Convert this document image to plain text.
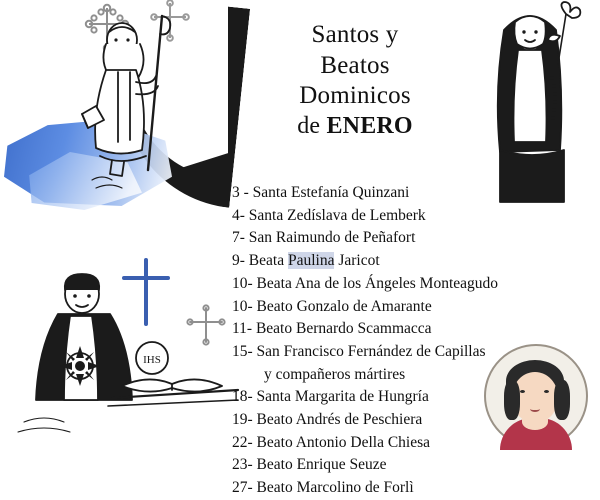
Santos y
Beatos
Dominicos
de ENERO
3 - Santa Estefanía Quinzani
4- Santa Zedíslava de Lemberk
7- San Raimundo de Peñafort
9- Beata Paulina Jaricot
10- Beata Ana de los Ángeles Monteagudo
10- Beato Gonzalo de Amarante
11- Beato Bernardo Scammacca
15- San Francisco Fernández de Capillas
y compañeros mártires
18- Santa Margarita de Hungría
19- Beato Andrés de Peschiera
22- Beato Antonio Della Chiesa
23- Beato Enrique Seuze
27- Beato Marcolino de Forlì
IHS
